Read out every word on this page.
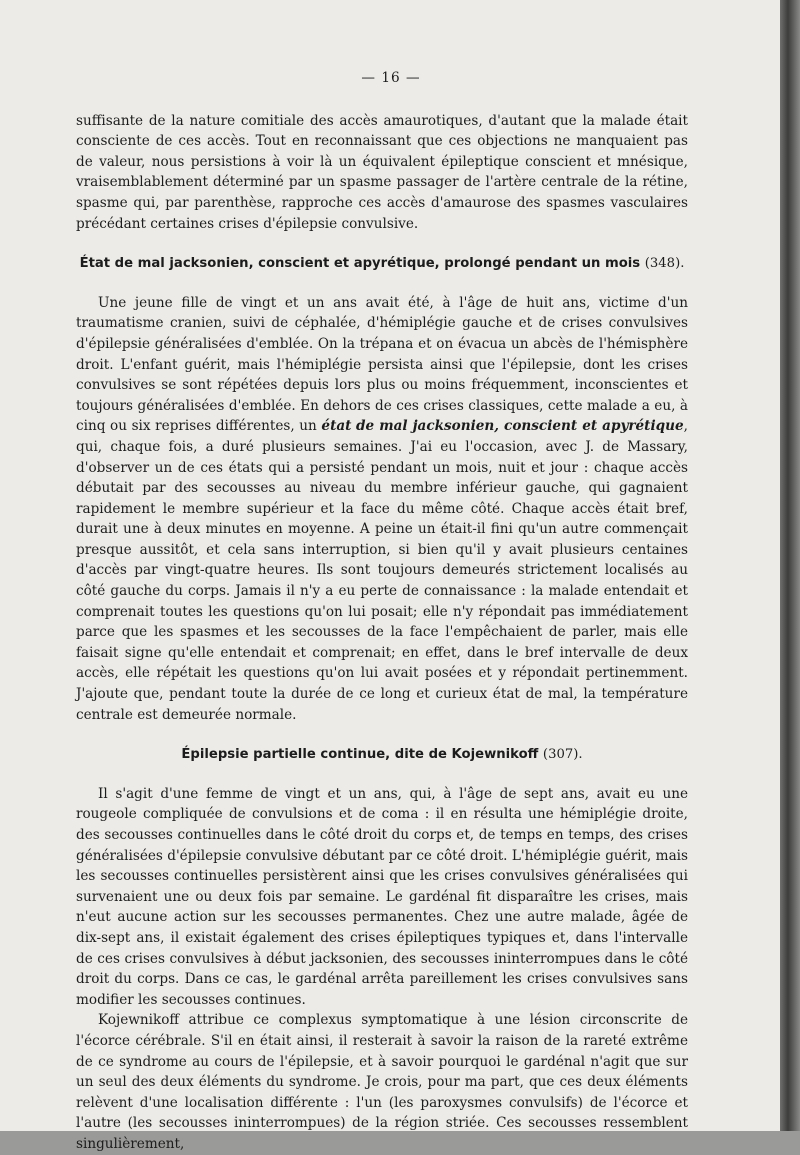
— 16 —

suffisante de la nature comitiale des accès amaurotiques, d'autant que la malade était consciente de ces accès. Tout en reconnaissant que ces objections ne manquaient pas de valeur, nous persistions à voir là un équivalent épileptique conscient et mnésique, vraisemblablement déterminé par un spasme passager de l'artère centrale de la rétine, spasme qui, par parenthèse, rapproche ces accès d'amaurose des spasmes vasculaires précédant certaines crises d'épilepsie convulsive.

État de mal jacksonien, conscient et apyrétique, prolongé pendant un mois (348).

Une jeune fille de vingt et un ans avait été, à l'âge de huit ans, victime d'un traumatisme cranien, suivi de céphalée, d'hémiplégie gauche et de crises convulsives d'épilepsie généralisées d'emblée. On la trépana et on évacua un abcès de l'hémisphère droit. L'enfant guérit, mais l'hémiplégie persista ainsi que l'épilepsie, dont les crises convulsives se sont répétées depuis lors plus ou moins fréquemment, inconscientes et toujours généralisées d'emblée. En dehors de ces crises classiques, cette malade a eu, à cinq ou six reprises différentes, un état de mal jacksonien, conscient et apyrétique, qui, chaque fois, a duré plusieurs semaines. J'ai eu l'occasion, avec J. de Massary, d'observer un de ces états qui a persisté pendant un mois, nuit et jour : chaque accès débutait par des secousses au niveau du membre inférieur gauche, qui gagnaient rapidement le membre supérieur et la face du même côté. Chaque accès était bref, durait une à deux minutes en moyenne. A peine un était-il fini qu'un autre commençait presque aussitôt, et cela sans interruption, si bien qu'il y avait plusieurs centaines d'accès par vingt-quatre heures. Ils sont toujours demeurés strictement localisés au côté gauche du corps. Jamais il n'y a eu perte de connaissance : la malade entendait et comprenait toutes les questions qu'on lui posait; elle n'y répondait pas immédiatement parce que les spasmes et les secousses de la face l'empêchaient de parler, mais elle faisait signe qu'elle entendait et comprenait; en effet, dans le bref intervalle de deux accès, elle répétait les questions qu'on lui avait posées et y répondait pertinemment. J'ajoute que, pendant toute la durée de ce long et curieux état de mal, la température centrale est demeurée normale.

Épilepsie partielle continue, dite de Kojewnikoff (307).

Il s'agit d'une femme de vingt et un ans, qui, à l'âge de sept ans, avait eu une rougeole compliquée de convulsions et de coma : il en résulta une hémiplégie droite, des secousses continuelles dans le côté droit du corps et, de temps en temps, des crises généralisées d'épilepsie convulsive débutant par ce côté droit. L'hémiplégie guérit, mais les secousses continuelles persistèrent ainsi que les crises convulsives généralisées qui survenaient une ou deux fois par semaine. Le gardénal fit disparaître les crises, mais n'eut aucune action sur les secousses permanentes. Chez une autre malade, âgée de dix-sept ans, il existait également des crises épileptiques typiques et, dans l'intervalle de ces crises convulsives à début jacksonien, des secousses ininterrompues dans le côté droit du corps. Dans ce cas, le gardénal arrêta pareillement les crises convulsives sans modifier les secousses continues.

Kojewnikoff attribue ce complexus symptomatique à une lésion circonscrite de l'écorce cérébrale. S'il en était ainsi, il resterait à savoir la raison de la rareté extrême de ce syndrome au cours de l'épilepsie, et à savoir pourquoi le gardénal n'agit que sur un seul des deux éléments du syndrome. Je crois, pour ma part, que ces deux éléments relèvent d'une localisation différente : l'un (les paroxysmes convulsifs) de l'écorce et l'autre (les secousses ininterrompues) de la région striée. Ces secousses ressemblent singulièrement,
